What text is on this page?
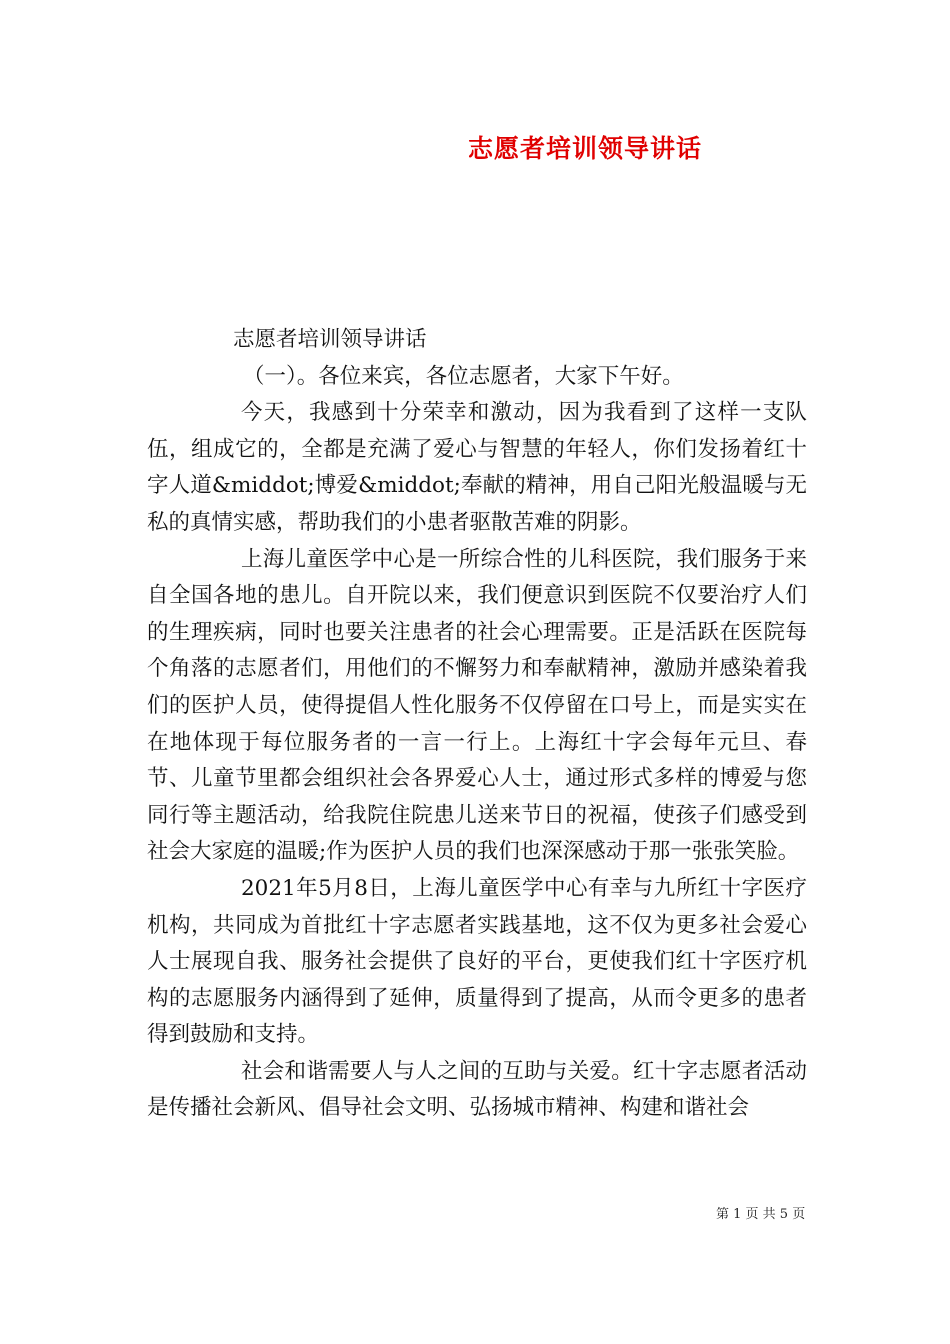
志愿者培训领导讲话

志愿者培训领导讲话

（一）。各位来宾，各位志愿者，大家下午好。

今天，我感到十分荣幸和激动，因为我看到了这样一支队伍，组成它的，全都是充满了爱心与智慧的年轻人，你们发扬着红十字人道&middot;博爱&middot;奉献的精神，用自己阳光般温暖与无私的真情实感，帮助我们的小患者驱散苦难的阴影。

上海儿童医学中心是一所综合性的儿科医院，我们服务于来自全国各地的患儿。自开院以来，我们便意识到医院不仅要治疗人们的生理疾病，同时也要关注患者的社会心理需要。正是活跃在医院每个角落的志愿者们，用他们的不懈努力和奉献精神，激励并感染着我们的医护人员，使得提倡人性化服务不仅停留在口号上，而是实实在在地体现于每位服务者的一言一行上。上海红十字会每年元旦、春节、儿童节里都会组织社会各界爱心人士，通过形式多样的博爱与您同行等主题活动，给我院住院患儿送来节日的祝福，使孩子们感受到社会大家庭的温暖;作为医护人员的我们也深深感动于那一张张笑脸。

2021年5月8日，上海儿童医学中心有幸与九所红十字医疗机构，共同成为首批红十字志愿者实践基地，这不仅为更多社会爱心人士展现自我、服务社会提供了良好的平台，更使我们红十字医疗机构的志愿服务内涵得到了延伸，质量得到了提高，从而令更多的患者得到鼓励和支持。

社会和谐需要人与人之间的互助与关爱。红十字志愿者活动是传播社会新风、倡导社会文明、弘扬城市精神、构建和谐社会

第 1 页 共 5 页
